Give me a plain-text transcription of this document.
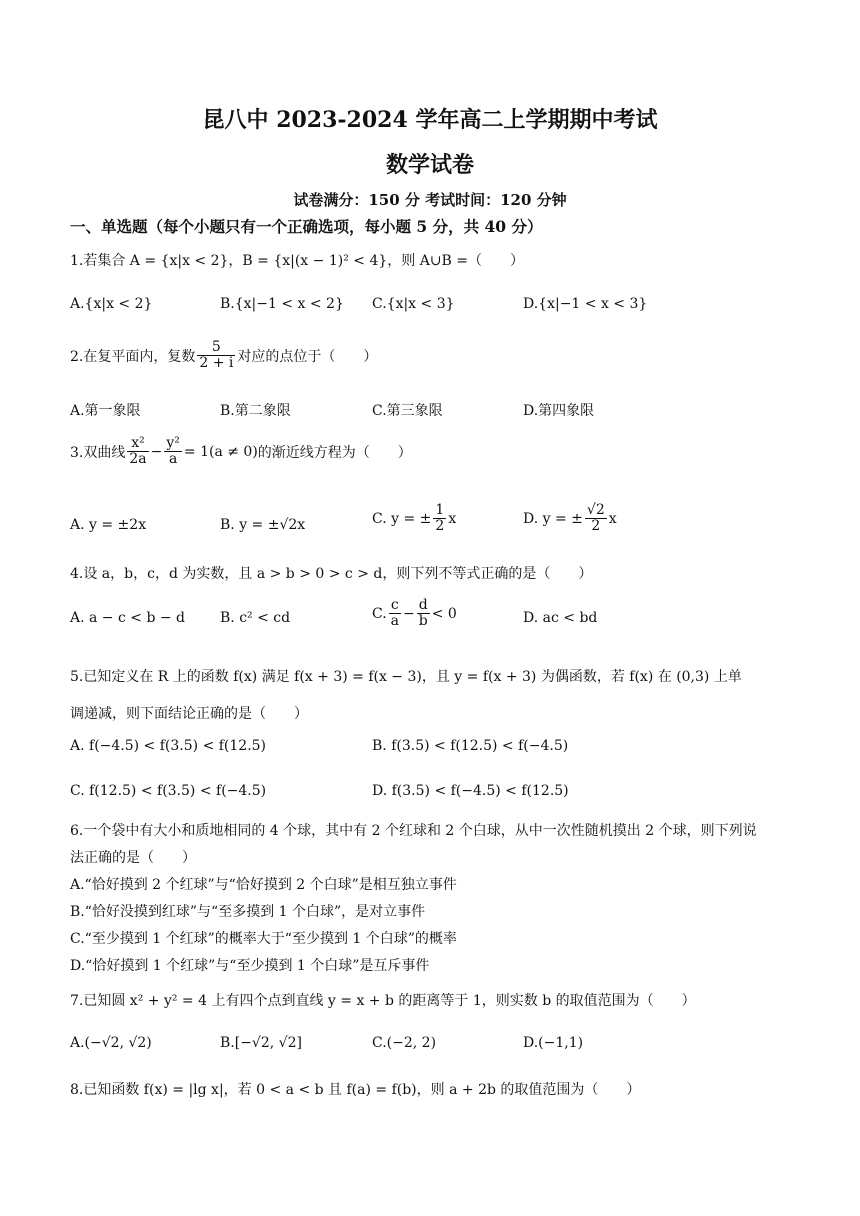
昆八中 2023-2024 学年高二上学期期中考试
数学试卷
试卷满分：150 分 考试时间：120 分钟
一、单选题（每个小题只有一个正确选项，每小题 5 分，共 40 分）
1.若集合 A = {x|x < 2}，B = {x|(x − 1)² < 4}，则 A∪B =（　　）
A.{x|x < 2}	B.{x|−1 < x < 2} C.{x|x < 3}	D.{x|−1 < x < 3}
2.在复平面内，复数 $\frac{5}{2 + i}$ 对应的点位于（　　）
A.第一象限	B.第二象限	C.第三象限	D.第四象限
3.双曲线 $\frac{\text{x²}}{2a} - \frac{\text{y²}}{a} = 1(a \ne 0)$ 的渐近线方程为（　　）
A. y = ±2x	B. y = ±√2x	C. y = ± $\frac{1}{2}$ x	D. y = ± $\frac{√2}{2}$ x
4.设 a，b，c，d 为实数，且 a > b > 0 > c > d，则下列不等式正确的是（　　）
A. a − c < b − d B. c² < cd	C. $\frac{c}{a} - \frac{d}{b} < 0$	D. ac < bd
5.已知定义在 R 上的函数 f(x) 满足 f(x + 3) = f(x − 3)，且 y = f(x + 3) 为偶函数，若 f(x) 在 (0,3) 上单
调递减，则下面结论正确的是（　　）
A. f(−4.5) < f(3.5) < f(12.5)	B. f(3.5) < f(12.5) < f(−4.5)
C. f(12.5) < f(3.5) < f(−4.5)	D. f(3.5) < f(−4.5) < f(12.5)
6.一个袋中有大小和质地相同的 4 个球，其中有 2 个红球和 2 个白球，从中一次性随机摸出 2 个球，则下列说
法正确的是（　　）
A.“恰好摸到 2 个红球”与“恰好摸到 2 个白球”是相互独立事件
B.“恰好没摸到红球”与“至多摸到 1 个白球”，是对立事件
C.“至少摸到 1 个红球”的概率大于“至少摸到 1 个白球”的概率
D.“恰好摸到 1 个红球”与“至少摸到 1 个白球”是互斥事件
7.已知圆 x² + y² = 4 上有四个点到直线 y = x + b 的距离等于 1，则实数 b 的取值范围为（　　）
A.(−√2, √2)	B.[−√2, √2]	C.(−2, 2)	D.(−1,1)
8.已知函数 f(x) = |lg x|，若 0 < a < b 且 f(a) = f(b)，则 a + 2b 的取值范围为（　　）
